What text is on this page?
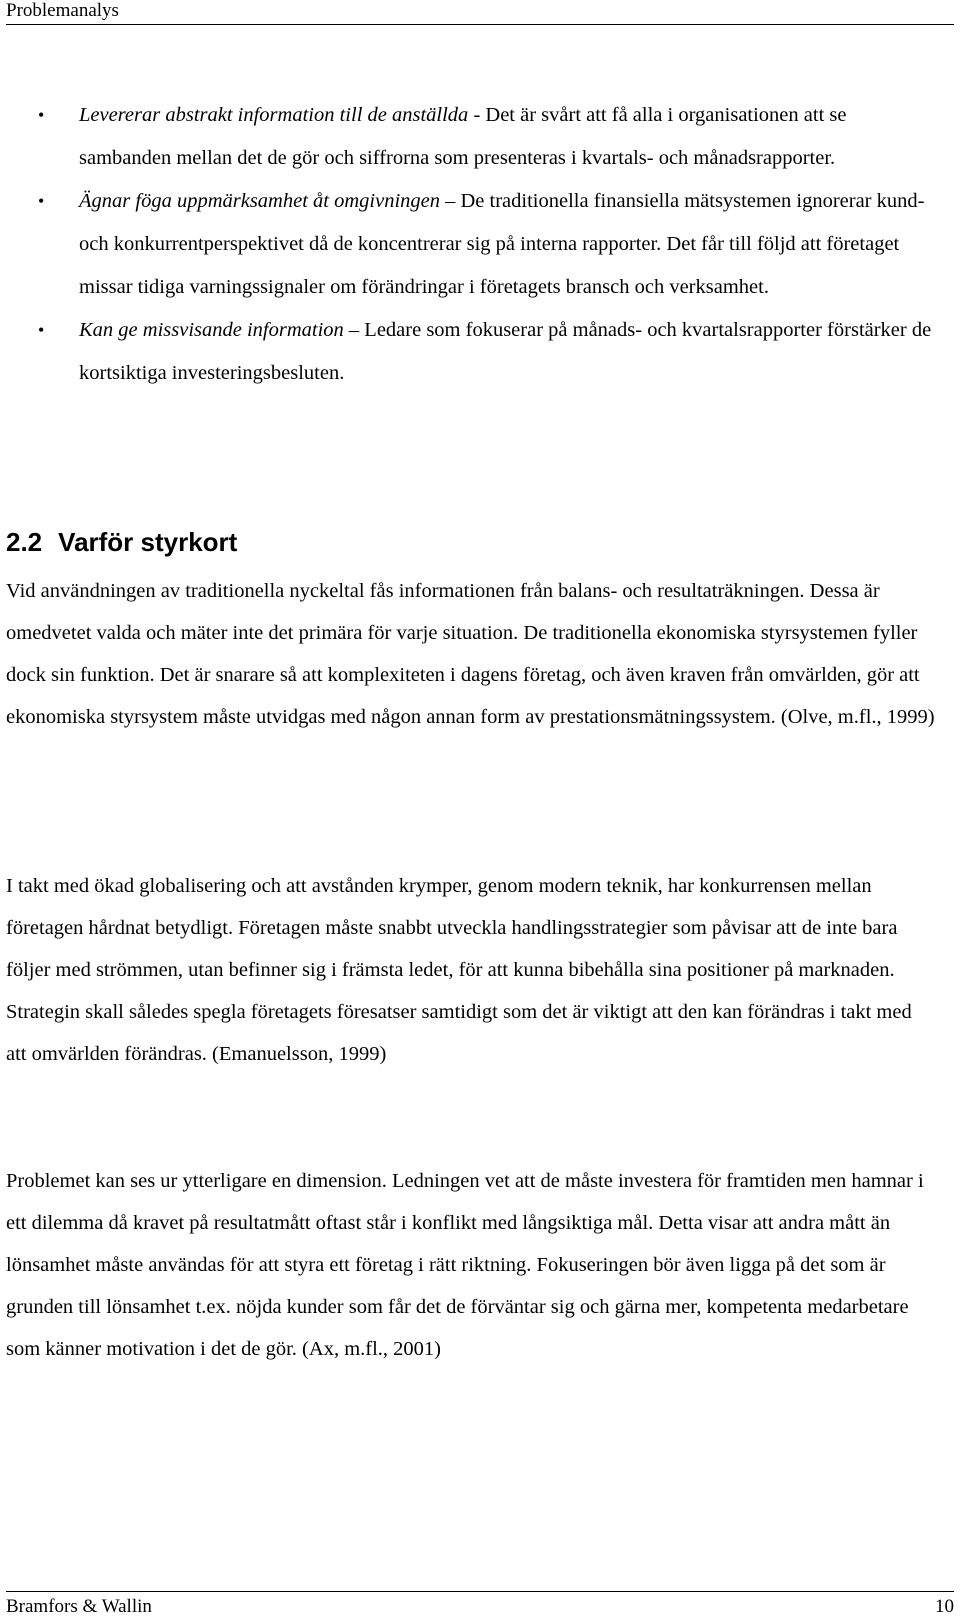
Problemanalys
• Levererar abstrakt information till de anställda - Det är svårt att få alla i organisationen att se sambanden mellan det de gör och siffrorna som presenteras i kvartals- och månadsrapporter.
• Ägnar föga uppmärksamhet åt omgivningen – De traditionella finansiella mätsystemen ignorerar kund- och konkurrentperspektivet då de koncentrerar sig på interna rapporter. Det får till följd att företaget missar tidiga varningssignaler om förändringar i företagets bransch och verksamhet.
• Kan ge missvisande information – Ledare som fokuserar på månads- och kvartalsrapporter förstärker de kortsiktiga investeringsbesluten.
2.2 Varför styrkort

Vid användningen av traditionella nyckeltal fås informationen från balans- och resultaträkningen. Dessa är omedvetet valda och mäter inte det primära för varje situation. De traditionella ekonomiska styrsystemen fyller dock sin funktion. Det är snarare så att komplexiteten i dagens företag, och även kraven från omvärlden, gör att ekonomiska styrsystem måste utvidgas med någon annan form av prestationsmätningssystem. (Olve, m.fl., 1999)

I takt med ökad globalisering och att avstånden krymper, genom modern teknik, har konkurrensen mellan företagen hårdnat betydligt. Företagen måste snabbt utveckla handlingsstrategier som påvisar att de inte bara följer med strömmen, utan befinner sig i främsta ledet, för att kunna bibehålla sina positioner på marknaden. Strategin skall således spegla företagets föresatser samtidigt som det är viktigt att den kan förändras i takt med att omvärlden förändras. (Emanuelsson, 1999)

Problemet kan ses ur ytterligare en dimension. Ledningen vet att de måste investera för framtiden men hamnar i ett dilemma då kravet på resultatmått oftast står i konflikt med långsiktiga mål. Detta visar att andra mått än lönsamhet måste användas för att styra ett företag i rätt riktning. Fokuseringen bör även ligga på det som är grunden till lönsamhet t.ex. nöjda kunder som får det de förväntar sig och gärna mer, kompetenta medarbetare som känner motivation i det de gör. (Ax, m.fl., 2001)

Bramfors & Wallin	10
